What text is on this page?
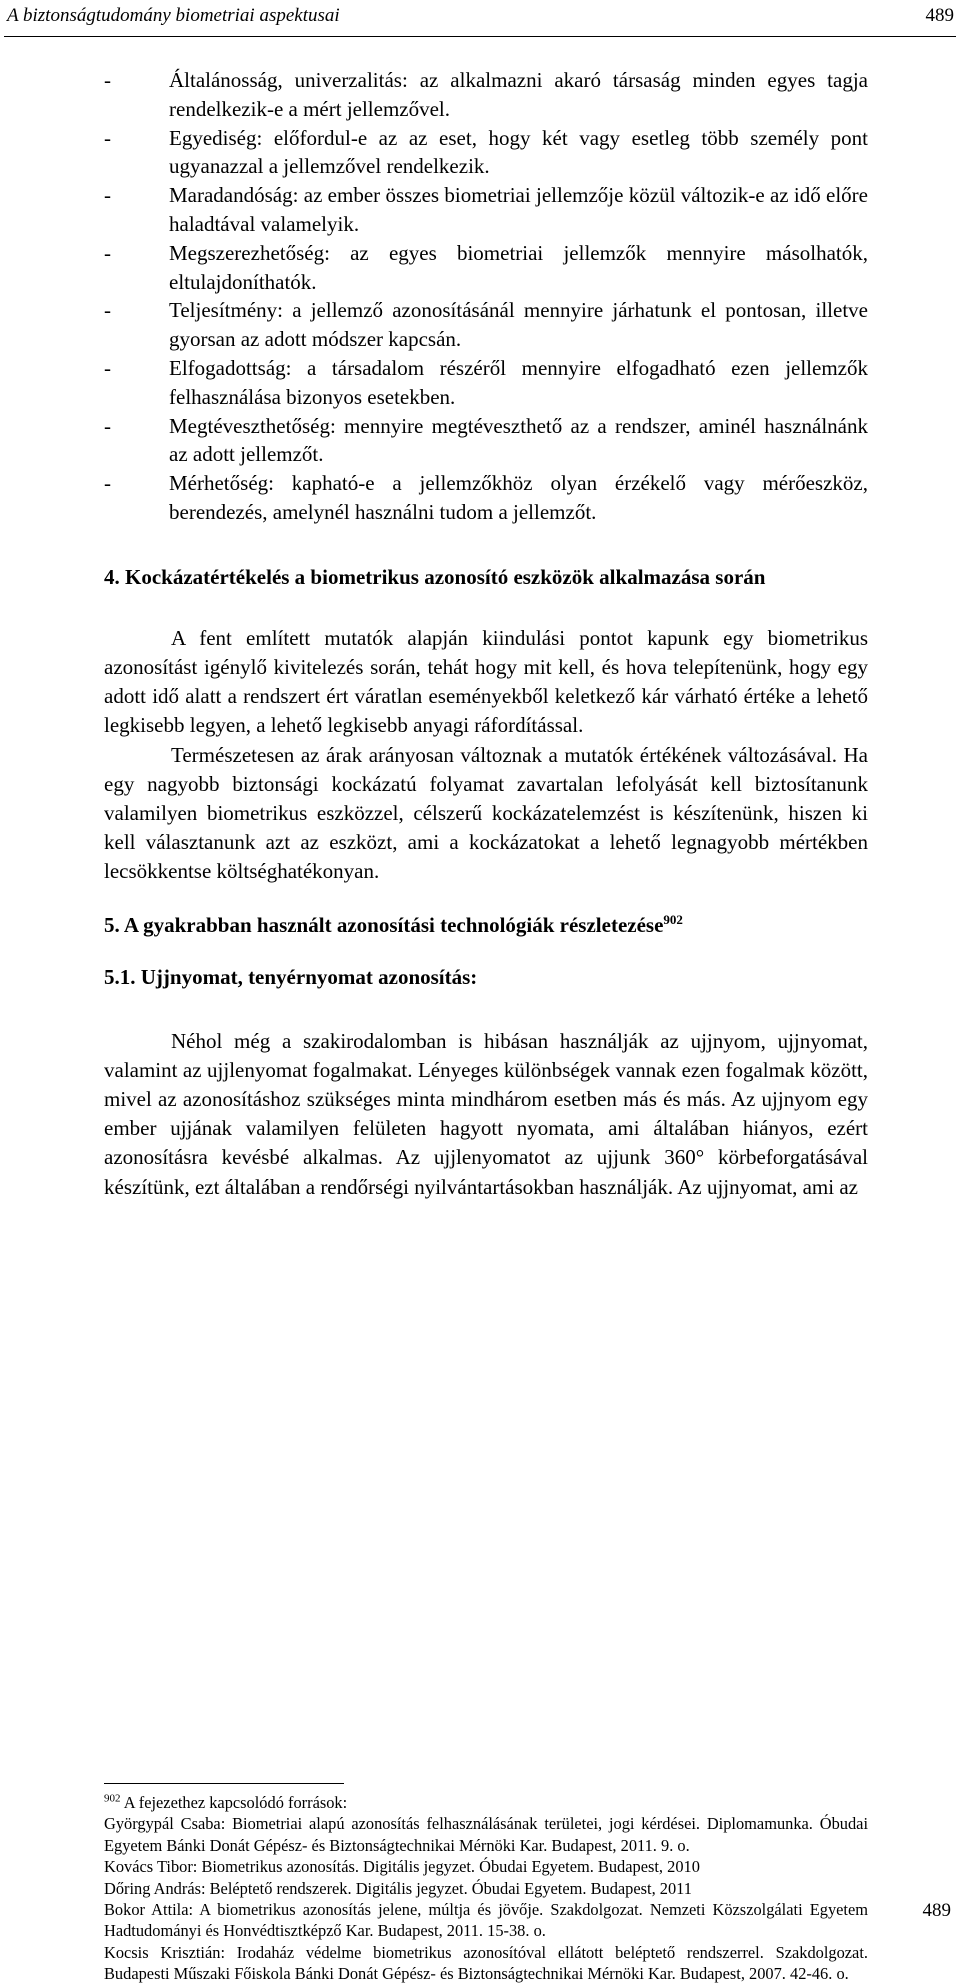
A biztonságtudomány biometriai aspektusai	489
- Általánosság, univerzalitás: az alkalmazni akaró társaság minden egyes tagja rendelkezik-e a mért jellemzővel.
- Egyediség: előfordul-e az az eset, hogy két vagy esetleg több személy pont ugyanazzal a jellemzővel rendelkezik.
- Maradandóság: az ember összes biometriai jellemzője közül változik-e az idő előre haladtával valamelyik.
- Megszerezhetőség: az egyes biometriai jellemzők mennyire másolhatók, eltulajdoníthatók.
- Teljesítmény: a jellemző azonosításánál mennyire járhatunk el pontosan, illetve gyorsan az adott módszer kapcsán.
- Elfogadottság: a társadalom részéről mennyire elfogadható ezen jellemzők felhasználása bizonyos esetekben.
- Megtéveszthetőség: mennyire megtéveszthető az a rendszer, aminél használnánk az adott jellemzőt.
- Mérhetőség: kapható-e a jellemzőkhöz olyan érzékelő vagy mérőeszköz, berendezés, amelynél használni tudom a jellemzőt.
4. Kockázatértékelés a biometrikus azonosító eszközök alkalmazása során

A fent említett mutatók alapján kiindulási pontot kapunk egy biometrikus azonosítást igénylő kivitelezés során, tehát hogy mit kell, és hova telepítenünk, hogy egy adott idő alatt a rendszert ért váratlan eseményekből keletkező kár várható értéke a lehető legkisebb legyen, a lehető legkisebb anyagi ráfordítással.

Természetesen az árak arányosan változnak a mutatók értékének változásával. Ha egy nagyobb biztonsági kockázatú folyamat zavartalan lefolyását kell biztosítanunk valamilyen biometrikus eszközzel, célszerű kockázatelemzést is készítenünk, hiszen ki kell választanunk azt az eszközt, ami a kockázatokat a lehető legnagyobb mértékben lecsökkentse költséghatékonyan.

5. A gyakrabban használt azonosítási technológiák részletezése$^{902}$
5.1. Ujjnyomat, tenyérnyomat azonosítás:

Néhol még a szakirodalomban is hibásan használják az ujjnyom, ujjnyomat, valamint az ujjlenyomat fogalmakat. Lényeges különbségek vannak ezen fogalmak között, mivel az azonosításhoz szükséges minta mindhárom esetben más és más. Az ujjnyom egy ember ujjának valamilyen felületen hagyott nyomata, ami általában hiányos, ezért azonosításra kevésbé alkalmas. Az ujjlenyomatot az ujjunk 360° körbeforgatásával készítünk, ezt általában a rendőrségi nyilvántartásokban használják. Az ujjnyomat, ami az

$^{902}$ A fejezethez kapcsolódó források:

Györgypál Csaba: Biometriai alapú azonosítás felhasználásának területei, jogi kérdései. Diplomamunka. Óbudai Egyetem Bánki Donát Gépész- és Biztonságtechnikai Mérnöki Kar. Budapest, 2011. 9. o.

Kovács Tibor: Biometrikus azonosítás. Digitális jegyzet. Óbudai Egyetem. Budapest, 2010

Dőring András: Beléptető rendszerek. Digitális jegyzet. Óbudai Egyetem. Budapest, 2011

Bokor Attila: A biometrikus azonosítás jelene, múltja és jövője. Szakdolgozat. Nemzeti Közszolgálati Egyetem Hadtudományi és Honvédtisztképző Kar. Budapest, 2011. 15-38. o.

Kocsis Krisztián: Irodaház védelme biometrikus azonosítóval ellátott beléptető rendszerrel. Szakdolgozat. Budapesti Műszaki Főiskola Bánki Donát Gépész- és Biztonságtechnikai Mérnöki Kar. Budapest, 2007. 42-46. o.

489
